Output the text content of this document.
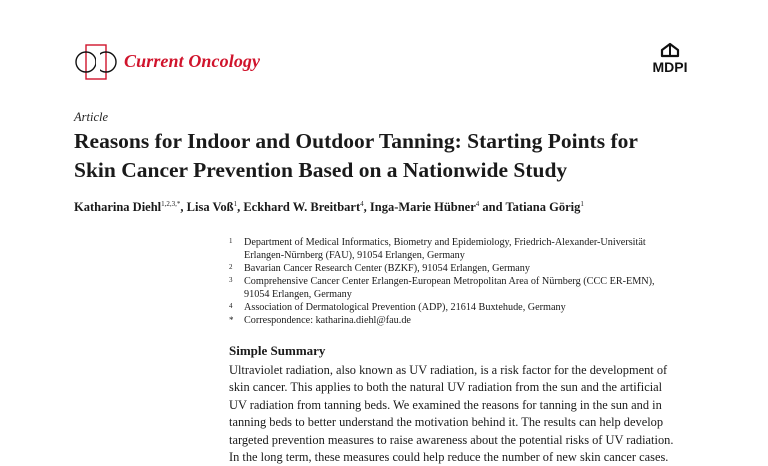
Current Oncology	MDPI
Article
Reasons for Indoor and Outdoor Tanning: Starting Points for
Skin Cancer Prevention Based on a Nationwide Study
Katharina Diehl$^{1,2,3,*}$, Lisa Voß$^1$, Eckhard W. Breitbart$^4$, Inga-Marie Hübner$^4$ and Tatiana Görig$^1$
1 Department of Medical Informatics, Biometry and Epidemiology, Friedrich-Alexander-Universität
Erlangen-Nürnberg (FAU), 91054 Erlangen, Germany
2 Bavarian Cancer Research Center (BZKF), 91054 Erlangen, Germany
3 Comprehensive Cancer Center Erlangen-European Metropolitan Area of Nürnberg (CCC ER-EMN),
91054 Erlangen, Germany
4 Association of Dermatological Prevention (ADP), 21614 Buxtehude, Germany
* Correspondence: katharina.diehl@fau.de
Simple Summary
Ultraviolet radiation, also known as UV radiation, is a risk factor for the development of
skin cancer. This applies to both the natural UV radiation from the sun and the artificial
UV radiation from tanning beds. We examined the reasons for tanning in the sun and in
tanning beds to better understand the motivation behind it. The results can help develop
targeted prevention measures to raise awareness about the potential risks of UV radiation.
In the long term, these measures could help reduce the number of new skin cancer cases.
